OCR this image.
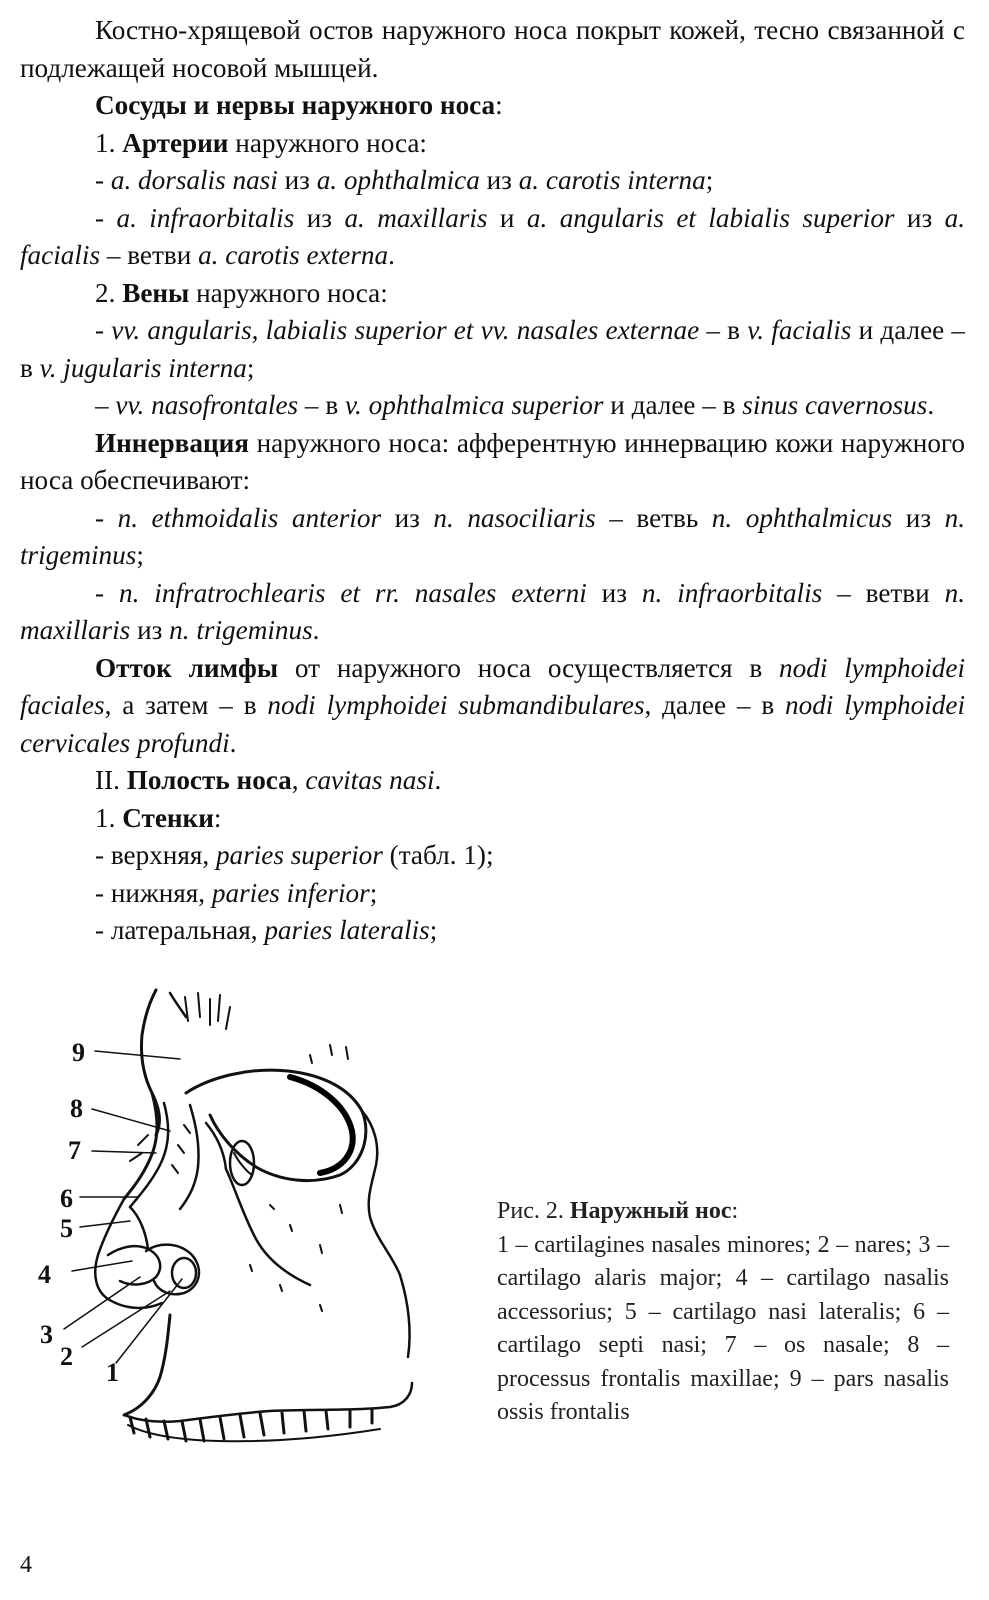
Костно-хрящевой остов наружного носа покрыт кожей, тесно связанной с подлежащей носовой мышцей.

Сосуды и нервы наружного носа:

1. Артерии наружного носа:

- a. dorsalis nasi из a. ophthalmica из a. carotis interna;

- a. infraorbitalis из a. maxillaris и a. angularis et labialis superior из a. facialis – ветви a. carotis externa.

2. Вены наружного носа:

- vv. angularis, labialis superior et vv. nasales externae – в v. facialis и далее – в v. jugularis interna;

– vv. nasofrontales – в v. ophthalmica superior и далее – в sinus cavernosus.

Иннервация наружного носа: афферентную иннервацию кожи наружного носа обеспечивают:

- n. ethmoidalis anterior из n. nasociliaris – ветвь n. ophthalmicus из n. trigeminus;

- n. infratrochlearis et rr. nasales externi из n. infraorbitalis – ветви n. maxillaris из n. trigeminus.

Отток лимфы от наружного носа осуществляется в nodi lymphoidei faciales, а затем – в nodi lymphoidei submandibulares, далее – в nodi lymphoidei cervicales profundi.

II. Полость носа, cavitas nasi.

1. Стенки:

- верхняя, paries superior (табл. 1);

- нижняя, paries inferior;

- латеральная, paries lateralis;

9
8
7
6
5
4
3
2
1

Рис. 2. Наружный нос:
1 – cartilagines nasales minores; 2 – nares; 3 – cartilago alaris major; 4 – cartilago nasalis accessorius; 5 – cartilago nasi lateralis; 6 – cartilago septi nasi; 7 – os nasale; 8 – processus frontalis maxillae; 9 – pars nasalis ossis frontalis

4
